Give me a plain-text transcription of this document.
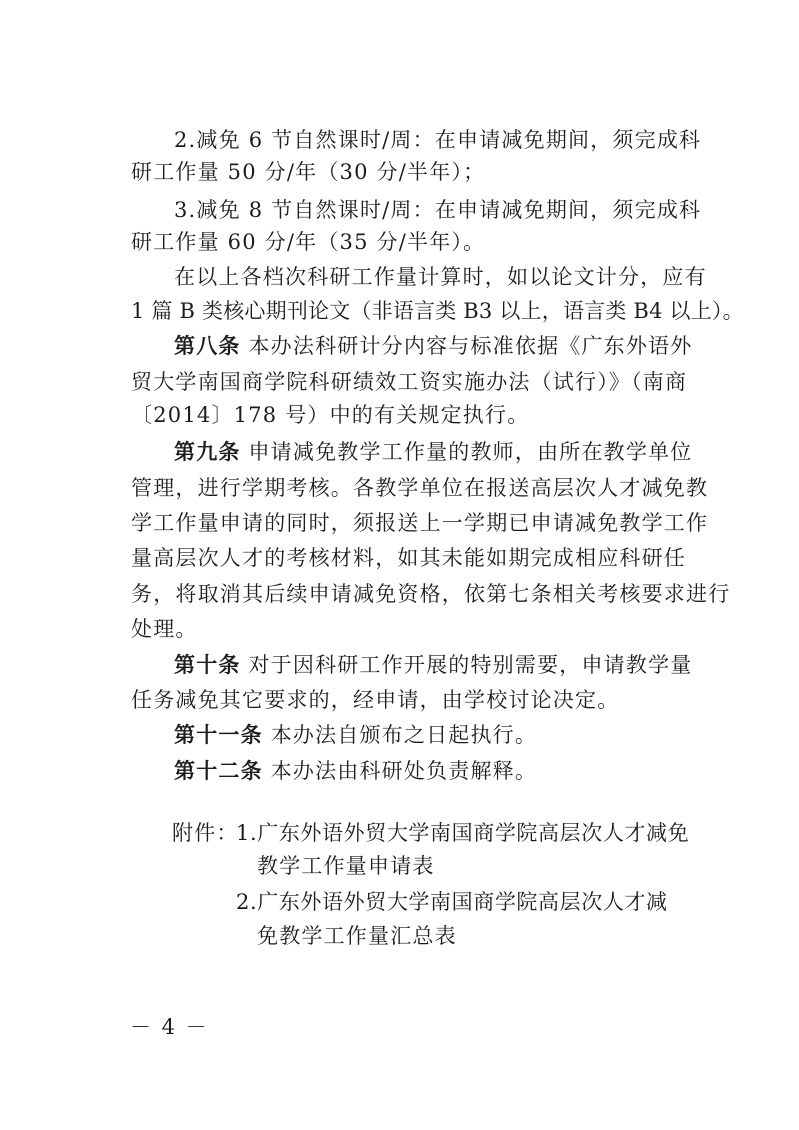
2.减免 6 节自然课时/周：在申请减免期间，须完成科
研工作量 50 分/年（30 分/半年）；
3.减免 8 节自然课时/周：在申请减免期间，须完成科
研工作量 60 分/年（35 分/半年）。
在以上各档次科研工作量计算时，如以论文计分，应有
1 篇 B 类核心期刊论文（非语言类 B3 以上，语言类 B4 以上）。
第八条 本办法科研计分内容与标准依据《广东外语外
贸大学南国商学院科研绩效工资实施办法（试行）》（南商
〔2014〕178 号）中的有关规定执行。
第九条 申请减免教学工作量的教师，由所在教学单位
管理，进行学期考核。各教学单位在报送高层次人才减免教
学工作量申请的同时，须报送上一学期已申请减免教学工作
量高层次人才的考核材料，如其未能如期完成相应科研任
务，将取消其后续申请减免资格，依第七条相关考核要求进行
处理。
第十条 对于因科研工作开展的特别需要，申请教学量
任务减免其它要求的，经申请，由学校讨论决定。
第十一条 本办法自颁布之日起执行。
第十二条 本办法由科研处负责解释。
附件：
1.广东外语外贸大学南国商学院高层次人才减免
教学工作量申请表
2.广东外语外贸大学南国商学院高层次人才减
免教学工作量汇总表
－ 4 －
